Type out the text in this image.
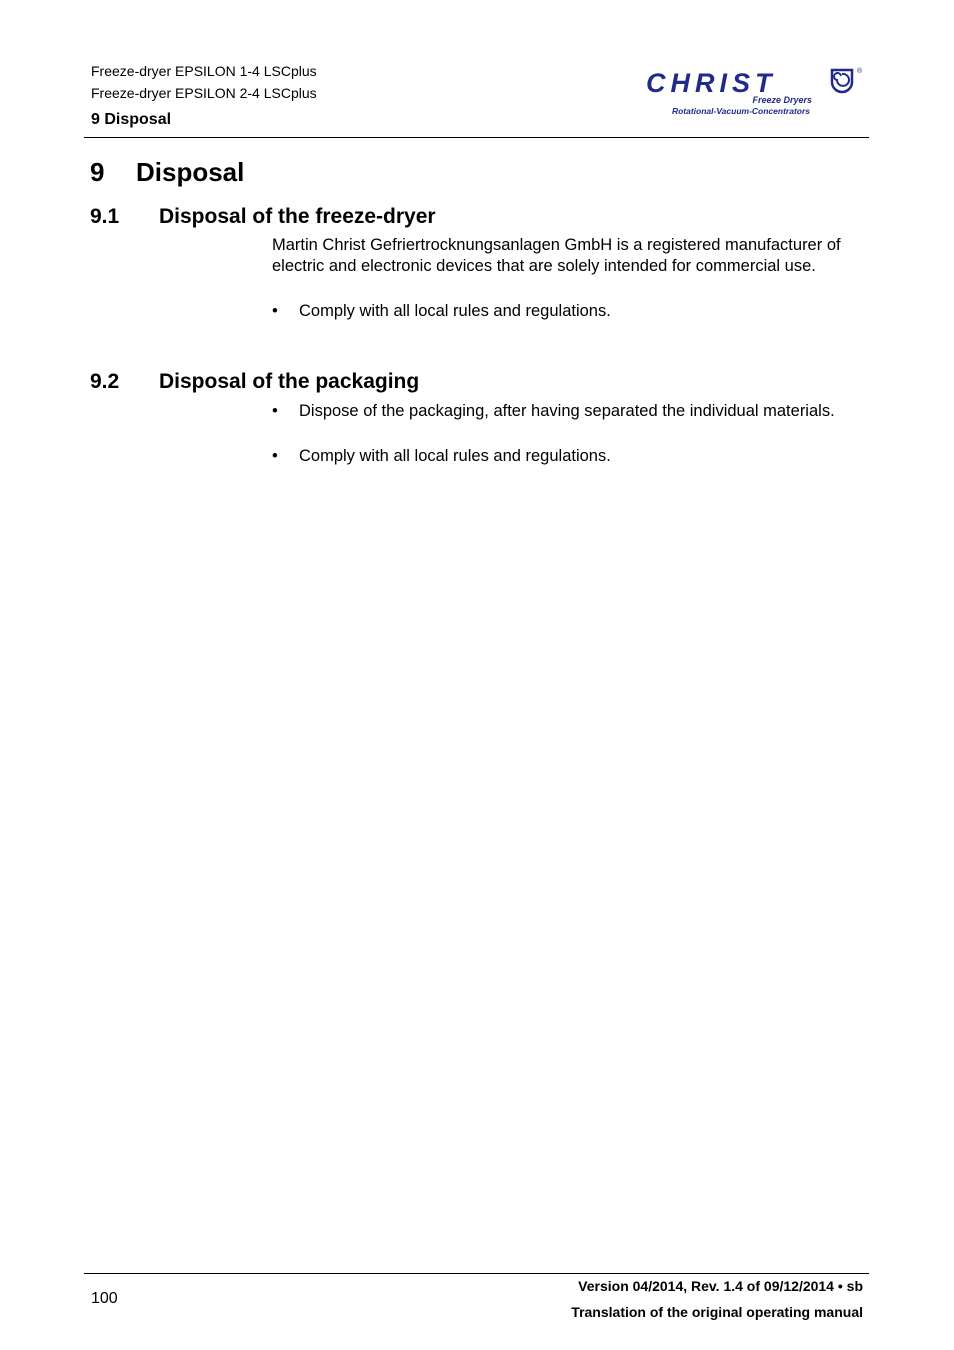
Freeze-dryer EPSILON 1-4 LSCplus
Freeze-dryer EPSILON 2-4 LSCplus
9 Disposal
CHRIST	®
Freeze Dryers
Rotational-Vacuum-Concentrators
9 Disposal
9.1 Disposal of the freeze-dryer

Martin Christ Gefriertrocknungsanlagen GmbH is a registered manufacturer of electric and electronic devices that are solely intended for commercial use.

•	Comply with all local rules and regulations.
9.2 Disposal of the packaging
•	Dispose of the packaging, after having separated the individual materials.
•	Comply with all local rules and regulations.
100
Version 04/2014, Rev. 1.4 of 09/12/2014 • sb
Translation of the original operating manual
